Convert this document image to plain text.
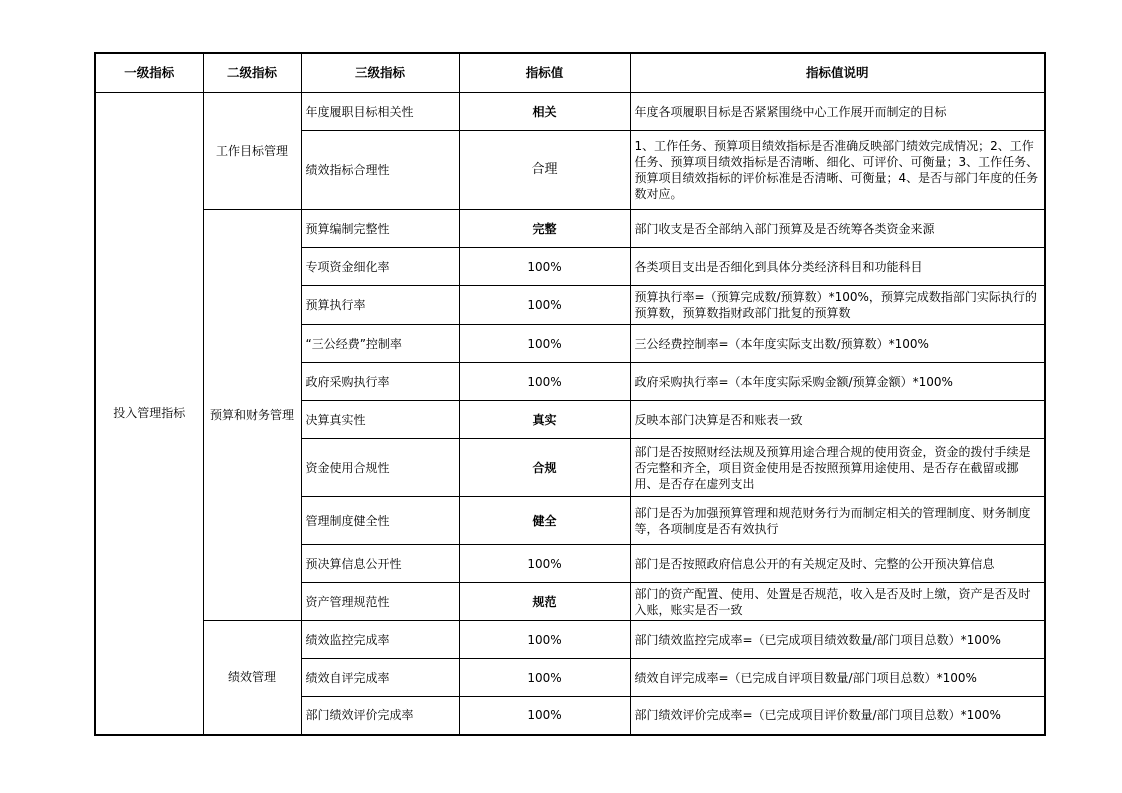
一级指标	二级指标	三级指标	指标值	指标值说明
投入管理指标	工作目标管理	年度履职目标相关性	相关	年度各项履职目标是否紧紧围绕中心工作展开而制定的目标
		绩效指标合理性	合理	1、工作任务、预算项目绩效指标是否准确反映部门绩效完成情况；2、工作任务、预算项目绩效指标是否清晰、细化、可评价、可衡量；3、工作任务、预算项目绩效指标的评价标准是否清晰、可衡量；4、是否与部门年度的任务数对应。
	预算和财务管理	预算编制完整性	完整	部门收支是否全部纳入部门预算及是否统筹各类资金来源
		专项资金细化率	100%	各类项目支出是否细化到具体分类经济科目和功能科目
		预算执行率	100%	预算执行率=（预算完成数/预算数）*100%，预算完成数指部门实际执行的预算数，预算数指财政部门批复的预算数
		“三公经费”控制率	100%	三公经费控制率=（本年度实际支出数/预算数）*100%
		政府采购执行率	100%	政府采购执行率=（本年度实际采购金额/预算金额）*100%
		决算真实性	真实	反映本部门决算是否和账表一致
		资金使用合规性	合规	部门是否按照财经法规及预算用途合理合规的使用资金，资金的拨付手续是否完整和齐全，项目资金使用是否按照预算用途使用、是否存在截留或挪用、是否存在虚列支出
		管理制度健全性	健全	部门是否为加强预算管理和规范财务行为而制定相关的管理制度、财务制度等，各项制度是否有效执行
		预决算信息公开性	100%	部门是否按照政府信息公开的有关规定及时、完整的公开预决算信息
		资产管理规范性	规范	部门的资产配置、使用、处置是否规范，收入是否及时上缴，资产是否及时入账，账实是否一致
	绩效管理	绩效监控完成率	100%	部门绩效监控完成率=（已完成项目绩效数量/部门项目总数）*100%
		绩效自评完成率	100%	绩效自评完成率=（已完成自评项目数量/部门项目总数）*100%
		部门绩效评价完成率	100%	部门绩效评价完成率=（已完成项目评价数量/部门项目总数）*100%
